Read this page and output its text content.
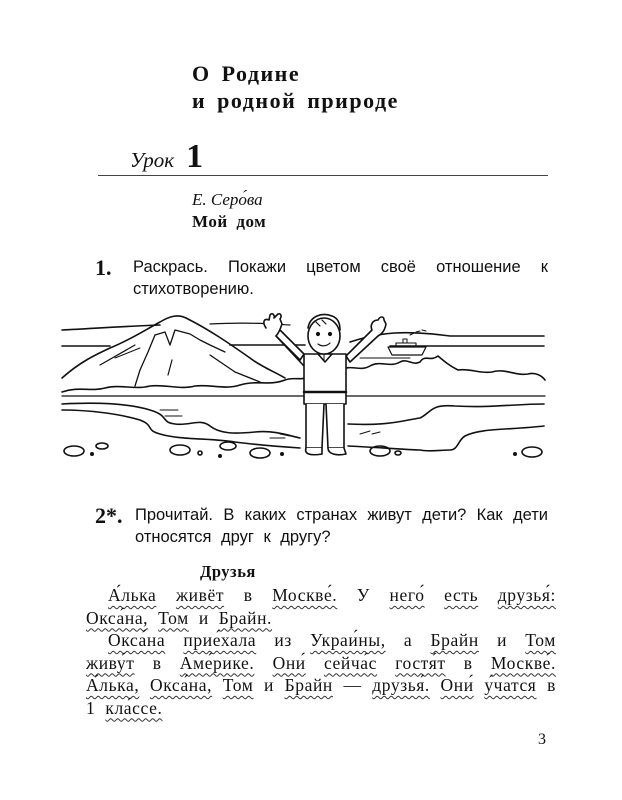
О Родине
и родной природе
Урок 1
Е. Серо́ва
Мой дом
1.	Раскрась. Покажи цветом своё отношение к стихотворению.
2*. Прочитай. В каких странах живут дети? Как дети относятся друг к другу?
Друзья

А́лька живёт в Москве́. У него́ есть друзья́: Окса́на, Том и Брайн.

Окса́на прие́хала из Украи́ны, а Брайн и Том живу́т в Аме́рике. Они́ сейча́с гостя́т в Москве́. А́лька, Окса́на, Том и Брайн — друзья́. Они́ у́чатся в 1 кла́ссе.

3
